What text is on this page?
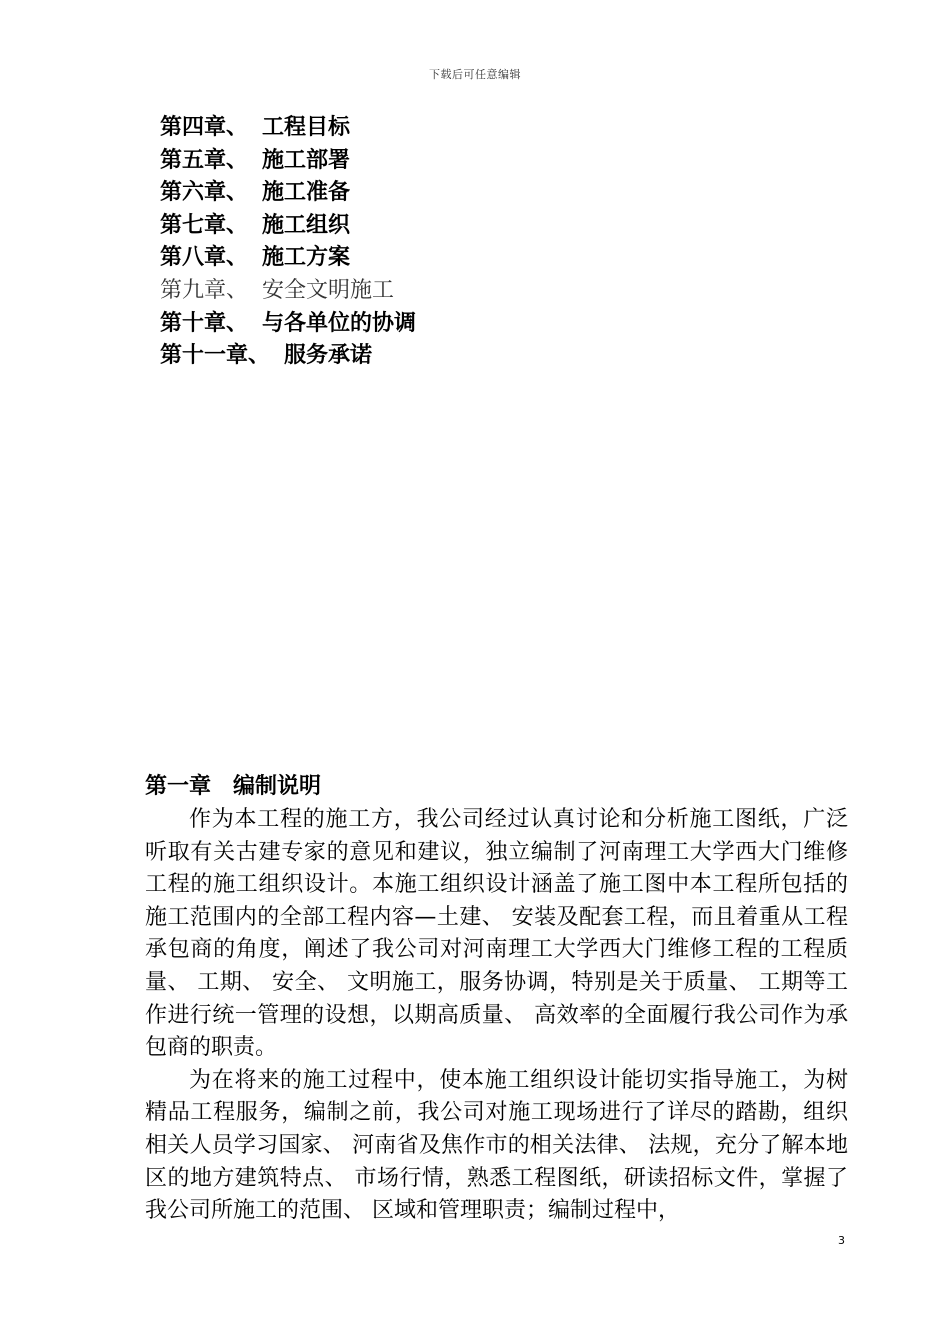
下载后可任意编辑
第四章、 工程目标
第五章、 施工部署
第六章、 施工准备
第七章、 施工组织
第八章、 施工方案
第九章、 安全文明施工
第十章、 与各单位的协调
第十一章、 服务承诺
第一章 编制说明

作为本工程的施工方，我公司经过认真讨论和分析施工图纸，广泛听取有关古建专家的意见和建议，独立编制了河南理工大学西大门维修工程的施工组织设计。本施工组织设计涵盖了施工图中本工程所包括的施工范围内的全部工程内容—土建、 安装及配套工程，而且着重从工程承包商的角度，阐述了我公司对河南理工大学西大门维修工程的工程质量、 工期、 安全、 文明施工，服务协调，特别是关于质量、 工期等工作进行统一管理的设想，以期高质量、 高效率的全面履行我公司作为承包商的职责。

为在将来的施工过程中，使本施工组织设计能切实指导施工，为树精品工程服务，编制之前，我公司对施工现场进行了详尽的踏勘，组织相关人员学习国家、 河南省及焦作市的相关法律、 法规，充分了解本地区的地方建筑特点、 市场行情，熟悉工程图纸，研读招标文件，掌握了我公司所施工的范围、 区域和管理职责；编制过程中，

3
